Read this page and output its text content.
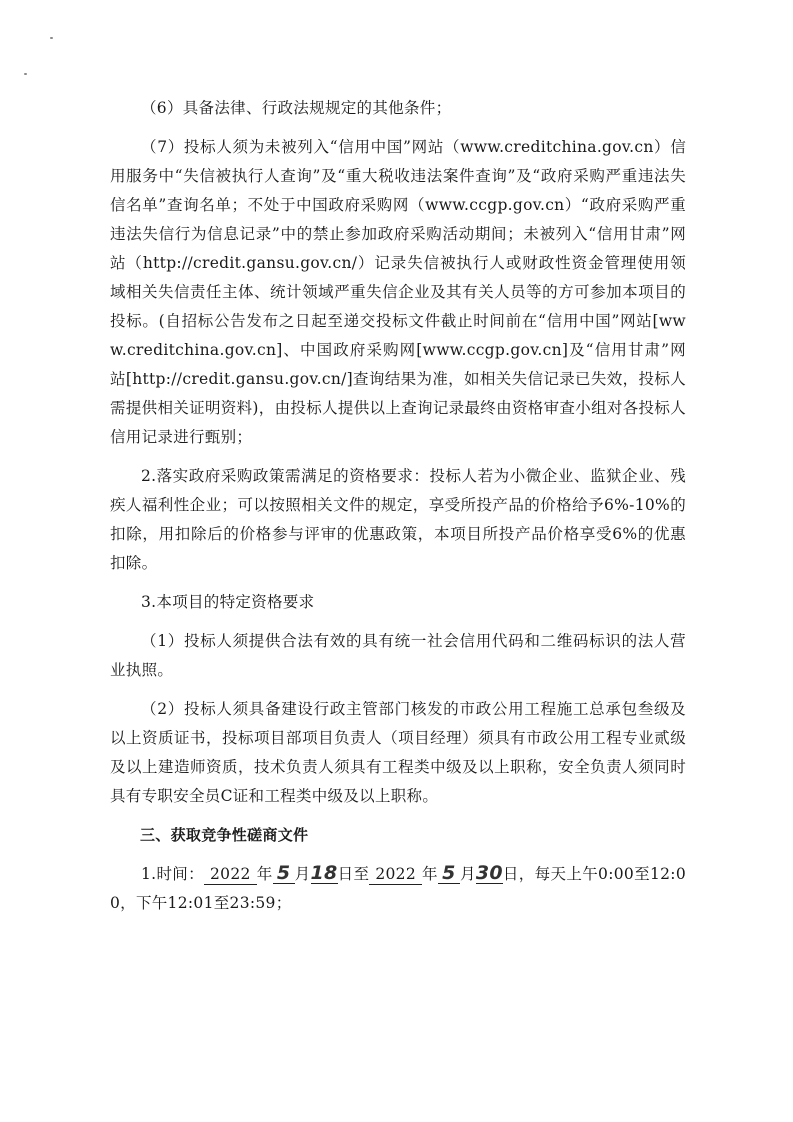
（6）具备法律、行政法规规定的其他条件；

（7）投标人须为未被列入“信用中国”网站（www.creditchina.gov.cn）信用服务中“失信被执行人查询”及“重大税收违法案件查询”及“政府采购严重违法失信名单”查询名单；不处于中国政府采购网（www.ccgp.gov.cn）“政府采购严重违法失信行为信息记录”中的禁止参加政府采购活动期间；未被列入“信用甘肃”网站（http://credit.gansu.gov.cn/）记录失信被执行人或财政性资金管理使用领域相关失信责任主体、统计领域严重失信企业及其有关人员等的方可参加本项目的投标。(自招标公告发布之日起至递交投标文件截止时间前在“信用中国”网站[www.creditchina.gov.cn]、中国政府采购网[www.ccgp.gov.cn]及“信用甘肃”网站[http://credit.gansu.gov.cn/]查询结果为准，如相关失信记录已失效，投标人需提供相关证明资料)，由投标人提供以上查询记录最终由资格审查小组对各投标人信用记录进行甄别；

2.落实政府采购政策需满足的资格要求：投标人若为小微企业、监狱企业、残疾人福利性企业；可以按照相关文件的规定，享受所投产品的价格给予6%-10%的扣除，用扣除后的价格参与评审的优惠政策，本项目所投产品价格享受6%的优惠扣除。

3.本项目的特定资格要求

（1）投标人须提供合法有效的具有统一社会信用代码和二维码标识的法人营业执照。

（2）投标人须具备建设行政主管部门核发的市政公用工程施工总承包叁级及以上资质证书，投标项目部项目负责人（项目经理）须具有市政公用工程专业贰级及以上建造师资质，技术负责人须具有工程类中级及以上职称，安全负责人须同时具有专职安全员C证和工程类中级及以上职称。

三、获取竞争性磋商文件

1.时间： 2022 年 5 月18日至 2022 年 5 月30日，每天上午0:00至12:00，下午12:01至23:59；
